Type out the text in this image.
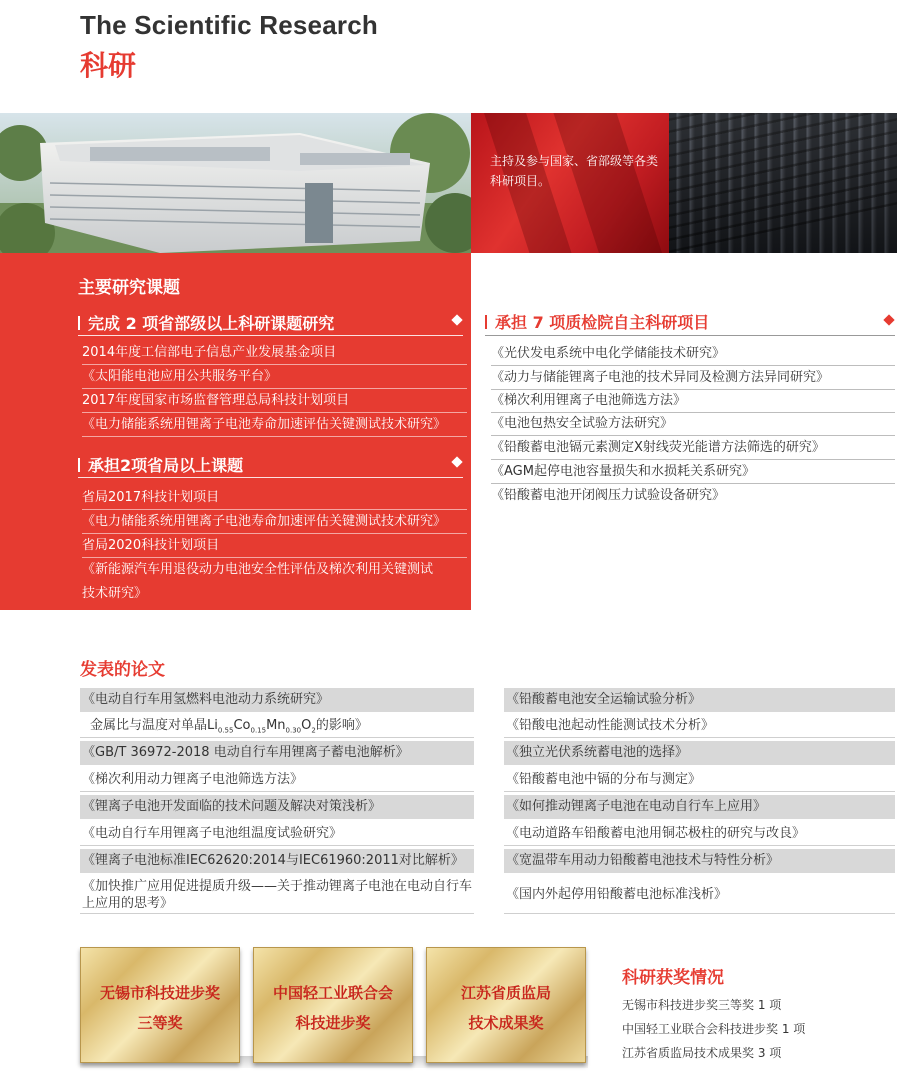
The Scientific Research
科研
主持及参与国家、省部级等各类科研项目。
主要研究课题
完成 2 项省部级以上科研课题研究
2014年度工信部电子信息产业发展基金项目
《太阳能电池应用公共服务平台》
2017年度国家市场监督管理总局科技计划项目
《电力储能系统用锂离子电池寿命加速评估关键测试技术研究》
承担2项省局以上课题
省局2017科技计划项目
《电力储能系统用锂离子电池寿命加速评估关键测试技术研究》
省局2020科技计划项目
《新能源汽车用退役动力电池安全性评估及梯次利用关键测试
技术研究》
承担 7 项质检院自主科研项目
《光伏发电系统中电化学储能技术研究》
《动力与储能锂离子电池的技术异同及检测方法异同研究》
《梯次利用锂离子电池筛选方法》
《电池包热安全试验方法研究》
《铅酸蓄电池镉元素测定X射线荧光能谱方法筛选的研究》
《AGM起停电池容量损失和水损耗关系研究》
《铅酸蓄电池开闭阀压力试验设备研究》
发表的论文
《电动自行车用氢燃料电池动力系统研究》
金属比与温度对单晶$Li_{0.55}Co_{0.15}Mn_{0.30}O_2$的影响》
《GB/T 36972-2018 电动自行车用锂离子蓄电池解析》
《梯次利用动力锂离子电池筛选方法》
《锂离子电池开发面临的技术问题及解决对策浅析》
《电动自行车用锂离子电池组温度试验研究》
《锂离子电池标准IEC62620:2014与IEC61960:2011对比解析》
《加快推广应用促进提质升级——关于推动锂离子电池在电动自行车上应用的思考》
《铅酸蓄电池安全运输试验分析》
《铅酸电池起动性能测试技术分析》
《独立光伏系统蓄电池的选择》
《铅酸蓄电池中镉的分布与测定》
《如何推动锂离子电池在电动自行车上应用》
《电动道路车铅酸蓄电池用铜芯极柱的研究与改良》
《宽温带车用动力铅酸蓄电池技术与特性分析》
《国内外起停用铅酸蓄电池标准浅析》
无锡市科技进步奖
三等奖
中国轻工业联合会
科技进步奖
江苏省质监局
技术成果奖
科研获奖情况
无锡市科技进步奖三等奖 1 项
中国轻工业联合会科技进步奖 1 项
江苏省质监局技术成果奖 3 项
